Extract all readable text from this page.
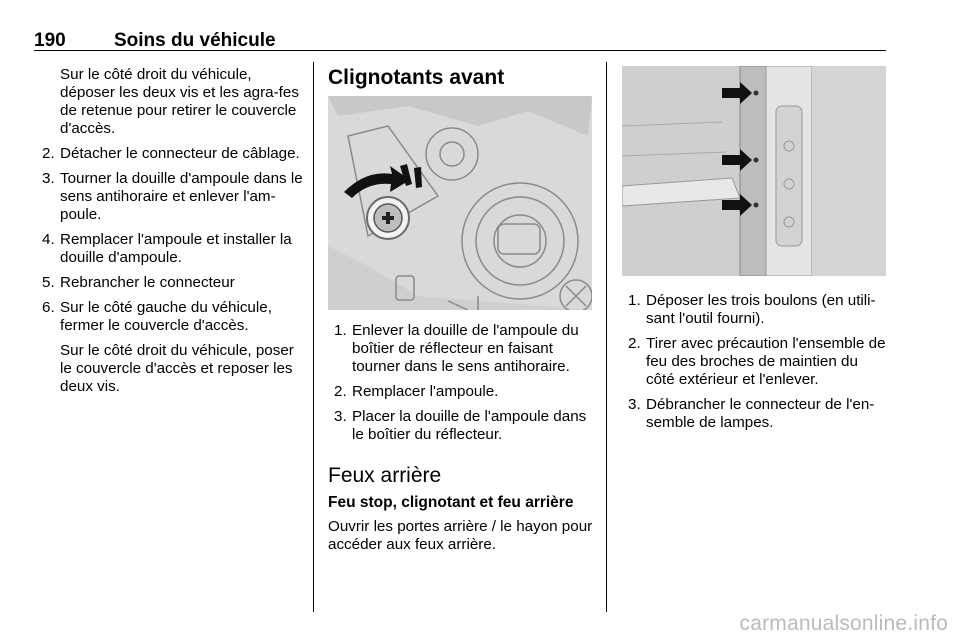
190	Soins du véhicule

Sur le côté droit du véhicule, déposer les deux vis et les agra-fes de retenue pour retirer le couvercle d'accès.

2. Détacher le connecteur de câblage.
3. Tourner la douille d'ampoule dans le sens antihoraire et enlever l'am-poule.
4. Remplacer l'ampoule et installer la douille d'ampoule.
5. Rebrancher le connecteur
6. Sur le côté gauche du véhicule, fermer le couvercle d'accès.

Sur le côté droit du véhicule, poser le couvercle d'accès et reposer les deux vis.

Clignotants avant
1. Enlever la douille de l'ampoule du boîtier de réflecteur en faisant tourner dans le sens antihoraire.
2. Remplacer l'ampoule.
3. Placer la douille de l'ampoule dans le boîtier du réflecteur.
Feux arrière
Feu stop, clignotant et feu arrière

Ouvrir les portes arrière / le hayon pour accéder aux feux arrière.

1. Déposer les trois boulons (en utili-sant l'outil fourni).
2. Tirer avec précaution l'ensemble de feu des broches de maintien du côté extérieur et l'enlever.
3. Débrancher le connecteur de l'en-semble de lampes.
carmanualsonline.info
